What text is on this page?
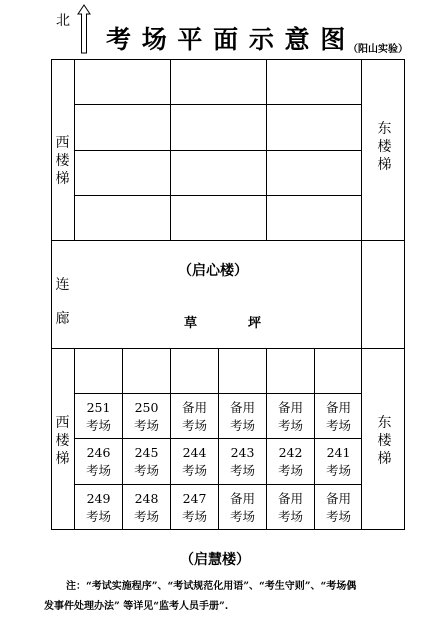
北
考 场 平 面 示 意 图 （阳山实验）
西楼梯
东楼梯
连廊
（启心楼）
草  坪
西楼梯
东楼梯
251
考场
250
考场
备用
考场
备用
考场
备用
考场
备用
考场
246
考场
245
考场
244
考场
243
考场
242
考场
241
考场
249
考场
248
考场
247
考场
备用
考场
备用
考场
备用
考场
（启慧楼）
注：“考试实施程序”、“考试规范化用语”、“考生守则”、“考场偶
发事件处理办法” 等详见“监考人员手册”.
